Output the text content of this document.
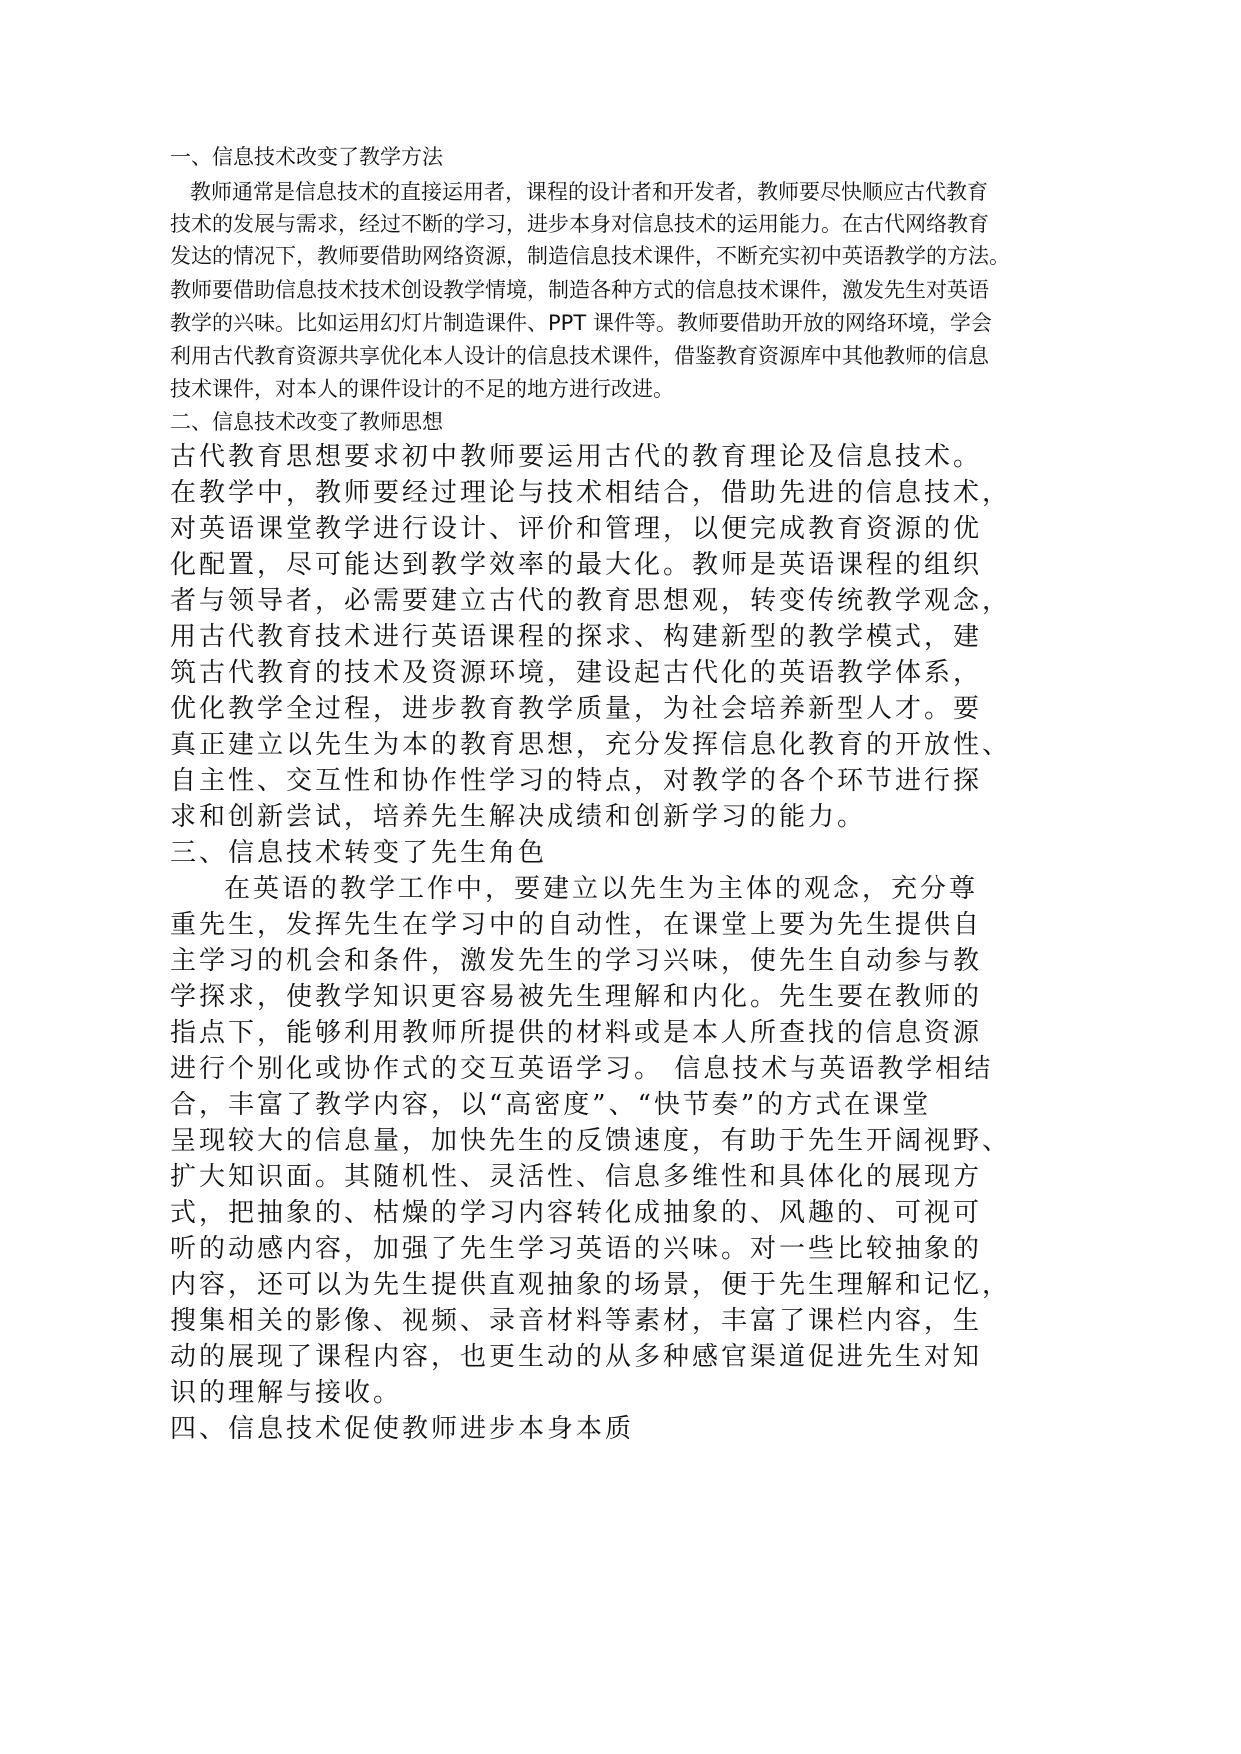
一、信息技术改变了教学方法

教师通常是信息技术的直接运用者，课程的设计者和开发者，教师要尽快顺应古代教育

技术的发展与需求，经过不断的学习，进步本身对信息技术的运用能力。在古代网络教育

发达的情况下，教师要借助网络资源，制造信息技术课件，不断充实初中英语教学的方法。

教师要借助信息技术技术创设教学情境，制造各种方式的信息技术课件，激发先生对英语

教学的兴味。比如运用幻灯片制造课件、PPT 课件等。教师要借助开放的网络环境，学会

利用古代教育资源共享优化本人设计的信息技术课件，借鉴教育资源库中其他教师的信息

技术课件，对本人的课件设计的不足的地方进行改进。

二、信息技术改变了教师思想

古代教育思想要求初中教师要运用古代的教育理论及信息技术。

在教学中，教师要经过理论与技术相结合，借助先进的信息技术，

对英语课堂教学进行设计、评价和管理，以便完成教育资源的优

化配置，尽可能达到教学效率的最大化。教师是英语课程的组织

者与领导者，必需要建立古代的教育思想观，转变传统教学观念，

用古代教育技术进行英语课程的探求、构建新型的教学模式，建

筑古代教育的技术及资源环境，建设起古代化的英语教学体系，

优化教学全过程，进步教育教学质量，为社会培养新型人才。要

真正建立以先生为本的教育思想，充分发挥信息化教育的开放性、

自主性、交互性和协作性学习的特点，对教学的各个环节进行探

求和创新尝试，培养先生解决成绩和创新学习的能力。

三、信息技术转变了先生角色

在英语的教学工作中，要建立以先生为主体的观念，充分尊

重先生，发挥先生在学习中的自动性，在课堂上要为先生提供自

主学习的机会和条件，激发先生的学习兴味，使先生自动参与教

学探求，使教学知识更容易被先生理解和内化。先生要在教师的

指点下，能够利用教师所提供的材料或是本人所查找的信息资源

进行个别化或协作式的交互英语学习。 信息技术与英语教学相结

合，丰富了教学内容，以“高密度”、“快节奏”的方式在课堂

呈现较大的信息量，加快先生的反馈速度，有助于先生开阔视野、

扩大知识面。其随机性、灵活性、信息多维性和具体化的展现方

式，把抽象的、枯燥的学习内容转化成抽象的、风趣的、可视可

听的动感内容，加强了先生学习英语的兴味。对一些比较抽象的

内容，还可以为先生提供直观抽象的场景，便于先生理解和记忆，

搜集相关的影像、视频、录音材料等素材，丰富了课栏内容，生

动的展现了课程内容，也更生动的从多种感官渠道促进先生对知

识的理解与接收。

四、信息技术促使教师进步本身本质
